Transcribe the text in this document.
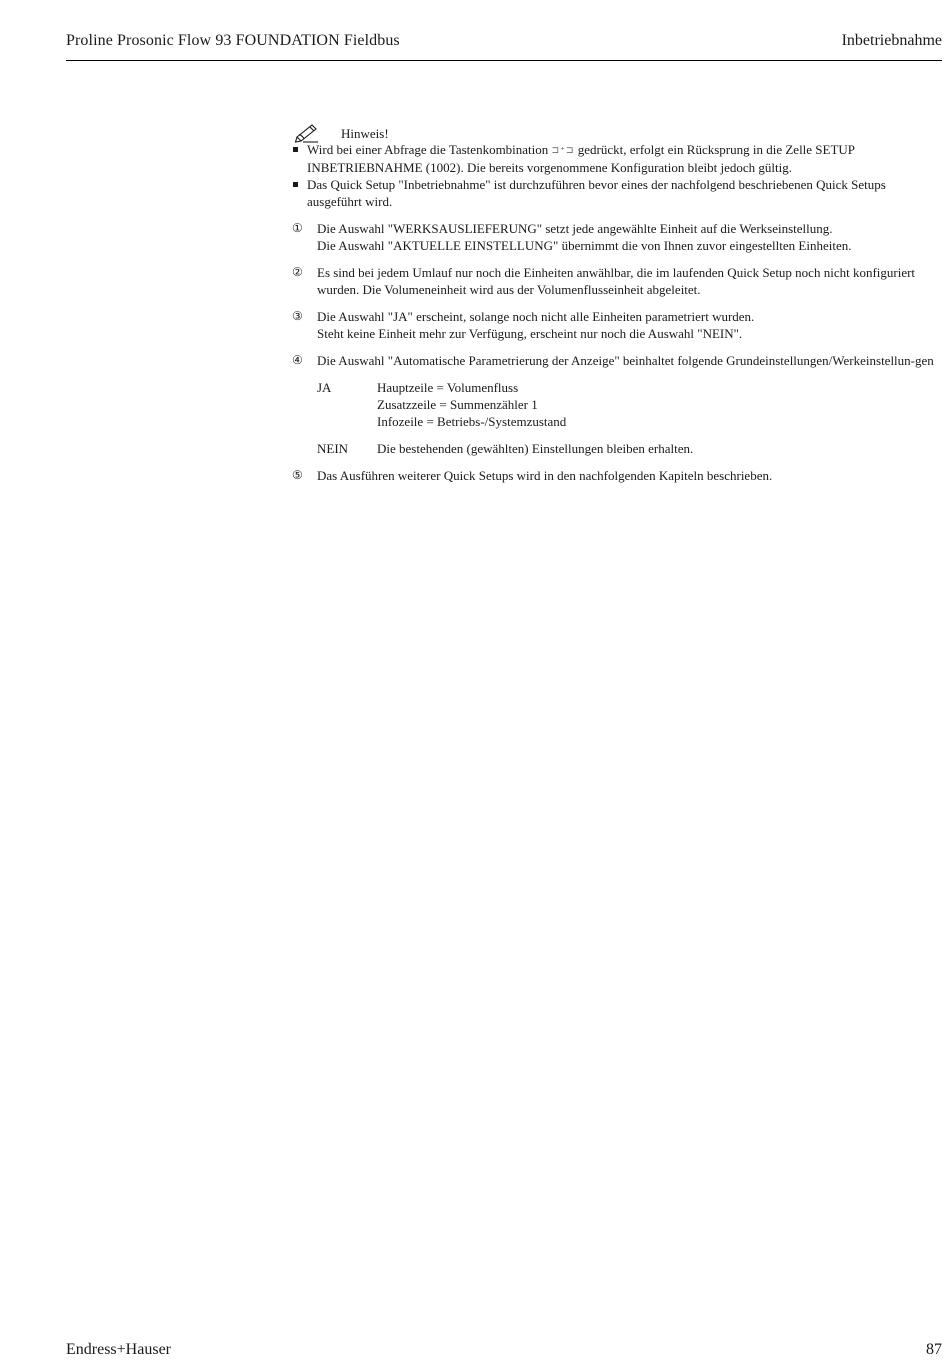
Proline Prosonic Flow 93 FOUNDATION Fieldbus	Inbetriebnahme
Hinweis!
Wird bei einer Abfrage die Tastenkombination ⊐⁺⊐ gedrückt, erfolgt ein Rücksprung in die Zelle SETUP INBETRIEBNAHME (1002). Die bereits vorgenommene Konfiguration bleibt jedoch gültig.
Das Quick Setup "Inbetriebnahme" ist durchzuführen bevor eines der nachfolgend beschriebenen Quick Setups ausgeführt wird.
① Die Auswahl "WERKSAUSLIEFERUNG" setzt jede angewählte Einheit auf die Werkseinstellung.
Die Auswahl "AKTUELLE EINSTELLUNG" übernimmt die von Ihnen zuvor eingestellten Einheiten.
② Es sind bei jedem Umlauf nur noch die Einheiten anwählbar, die im laufenden Quick Setup noch nicht konfiguriert wurden. Die Volumeneinheit wird aus der Volumenflusseinheit abgeleitet.
③ Die Auswahl "JA" erscheint, solange noch nicht alle Einheiten parametriert wurden.
Steht keine Einheit mehr zur Verfügung, erscheint nur noch die Auswahl "NEIN".
④ Die Auswahl "Automatische Parametrierung der Anzeige" beinhaltet folgende Grundeinstellungen/Werkeinstellun-gen
JA	Hauptzeile = Volumenfluss
Zusatzzeile = Summenzähler 1
Infozeile = Betriebs-/Systemzustand
NEIN Die bestehenden (gewählten) Einstellungen bleiben erhalten.
⑤ Das Ausführen weiterer Quick Setups wird in den nachfolgenden Kapiteln beschrieben.
Endress+Hauser	87
